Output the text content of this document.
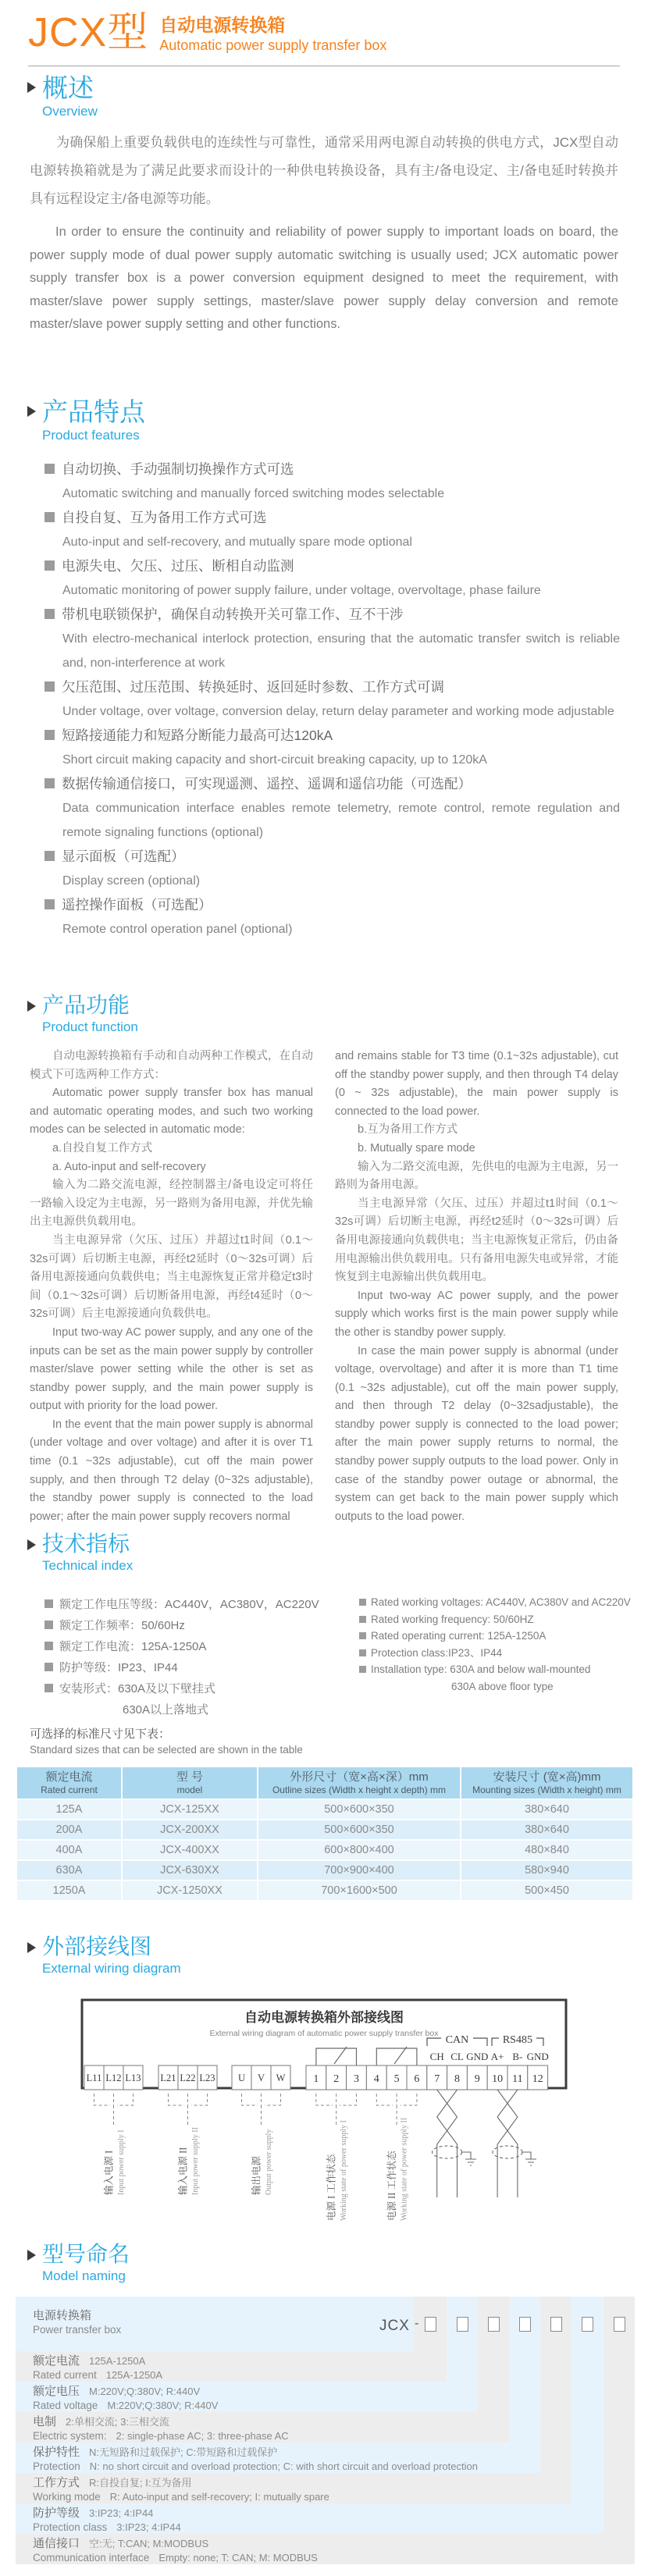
JCX型 自动电源转换箱
Automatic power supply transfer box
概述
Overview

为确保船上重要负载供电的连续性与可靠性，通常采用两电源自动转换的供电方式，JCX型自动电源转换箱就是为了满足此要求而设计的一种供电转换设备，具有主/备电设定、主/备电延时转换并具有远程设定主/备电源等功能。

In order to ensure the continuity and reliability of power supply to important loads on board, the power supply mode of dual power supply automatic switching is usually used; JCX automatic power supply transfer box is a power conversion equipment designed to meet the requirement, with master/slave power supply settings, master/slave power supply delay conversion and remote master/slave power supply setting and other functions.

产品特点
Product features
自动切换、手动强制切换操作方式可选
Automatic switching and manually forced switching modes selectable
自投自复、互为备用工作方式可选
Auto-input and self-recovery, and mutually spare mode optional
电源失电、欠压、过压、断相自动监测
Automatic monitoring of power supply failure, under voltage, overvoltage, phase failure
带机电联锁保护，确保自动转换开关可靠工作、互不干涉
With electro-mechanical interlock protection, ensuring that the automatic transfer switch is reliable and, non-interference at work
欠压范围、过压范围、转换延时、返回延时参数、工作方式可调
Under voltage, over voltage, conversion delay, return delay parameter and working mode adjustable
短路接通能力和短路分断能力最高可达120kA
Short circuit making capacity and short-circuit breaking capacity, up to 120kA
数据传输通信接口，可实现遥测、遥控、遥调和遥信功能（可选配）
Data communication interface enables remote telemetry, remote control, remote regulation and remote signaling functions (optional)
显示面板（可选配）
Display screen (optional)
遥控操作面板（可选配）
Remote control operation panel (optional)
产品功能
Product function

自动电源转换箱有手动和自动两种工作模式，在自动模式下可选两种工作方式：

Automatic power supply transfer box has manual and automatic operating modes, and such two working modes can be selected in automatic mode:

a.自投自复工作方式

a. Auto-input and self-recovery

输入为二路交流电源，经控制器主/备电设定可将任一路输入设定为主电源，另一路则为备用电源，并优先输出主电源供负载用电。

当主电源异常（欠压、过压）并超过t1时间（0.1～32s可调）后切断主电源，再经t2延时（0～32s可调）后备用电源接通向负载供电；当主电源恢复正常并稳定t3时间（0.1～32s可调）后切断备用电源，再经t4延时（0～32s可调）后主电源接通向负载供电。

Input two-way AC power supply, and any one of the inputs can be set as the main power supply by controller master/slave power setting while the other is set as standby power supply, and the main power supply is output with priority for the load power.

In the event that the main power supply is abnormal (under voltage and over voltage) and after it is over T1 time (0.1 ~32s adjustable), cut off the main power supply, and then through T2 delay (0~32s adjustable), the standby power supply is connected to the load power; after the main power supply recovers normal

and remains stable for T3 time (0.1~32s adjustable), cut off the standby power supply, and then through T4 delay (0 ~ 32s adjustable), the main power supply is connected to the load power.

b.互为备用工作方式

b. Mutually spare mode

输入为二路交流电源，先供电的电源为主电源，另一路则为备用电源。

当主电源异常（欠压、过压）并超过t1时间（0.1～32s可调）后切断主电源，再经t2延时（0～32s可调）后备用电源接通向负载供电；当主电源恢复正常后，仍由备用电源输出供负载用电。只有备用电源失电或异常，才能恢复到主电源输出供负载用电。

Input two-way AC power supply, and the power supply which works first is the main power supply while the other is standby power supply.

In case the main power supply is abnormal (under voltage, overvoltage) and after it is more than T1 time (0.1 ~32s adjustable), cut off the main power supply, and then through T2 delay (0~32sadjustable), the standby power supply is connected to the load power; after the main power supply returns to normal, the standby power supply outputs to the load power. Only in case of the standby power outage or abnormal, the system can get back to the main power supply which outputs to the load power.

技术指标
Technical index
额定工作电压等级：AC440V，AC380V，AC220V
额定工作频率：50/60Hz
额定工作电流：125A-1250A
防护等级：IP23、IP44
安装形式：630A及以下壁挂式
630A以上落地式
Rated working voltages: AC440V, AC380V and AC220V
Rated working frequency: 50/60HZ
Rated operating current: 125A-1250A
Protection class:IP23、IP44
Installation type: 630A and below wall-mounted
630A above floor type
可选择的标准尺寸见下表：
Standard sizes that can be selected are shown in the table
额定电流
Rated current

型 号
model

外形尺寸（宽×高×深）mm
Outline sizes (Width x height x depth) mm

安装尺寸 (宽×高)mm
Mounting sizes (Width x height) mm

125A	JCX-125XX	500×600×350	380×640
200A	JCX-200XX	500×600×350	380×640
400A	JCX-400XX	600×800×400	480×840
630A	JCX-630XX	700×900×400	580×940
1250A	JCX-1250XX	700×1600×500	500×450
外部接线图
External wiring diagram
自动电源转换箱外部接线图
External wiring diagram of automatic power supply transfer box
CAN	RS485
CH CL GND A+ B- GND
L11 L12 L13 L21 L22 L23 U V W	1 2 3 4 5 6 7 8 9 10 11 12
输入电源 I Input power supply I	输入电源 II Input power supply II	输出电源 Output power supply	电源 I 工作状态 Working state of power supply I	电源 II 工作状态 Working state of power supply II
型号命名
Model naming
电源转换箱
Power transfer box
额定电流 125A-1250A
Rated current 125A-1250A
额定电压 M:220V;Q:380V; R:440V
Rated voltage M:220V;Q:380V; R:440V
电制 2:单相交流; 3:三相交流
Electric system: 2: single-phase AC; 3: three-phase AC
保护特性 N:无短路和过载保护; C:带短路和过载保护
Protection N: no short circuit and overload protection; C: with short circuit and overload protection
工作方式 R:自投自复; I:互为备用
Working mode R: Auto-input and self-recovery; I: mutually spare
防护等级 3:IP23; 4:IP44
Protection class 3:IP23; 4:IP44
通信接口 空:无; T:CAN; M:MODBUS
Communication interface Empty: none; T: CAN; M: MODBUS
JCX -
